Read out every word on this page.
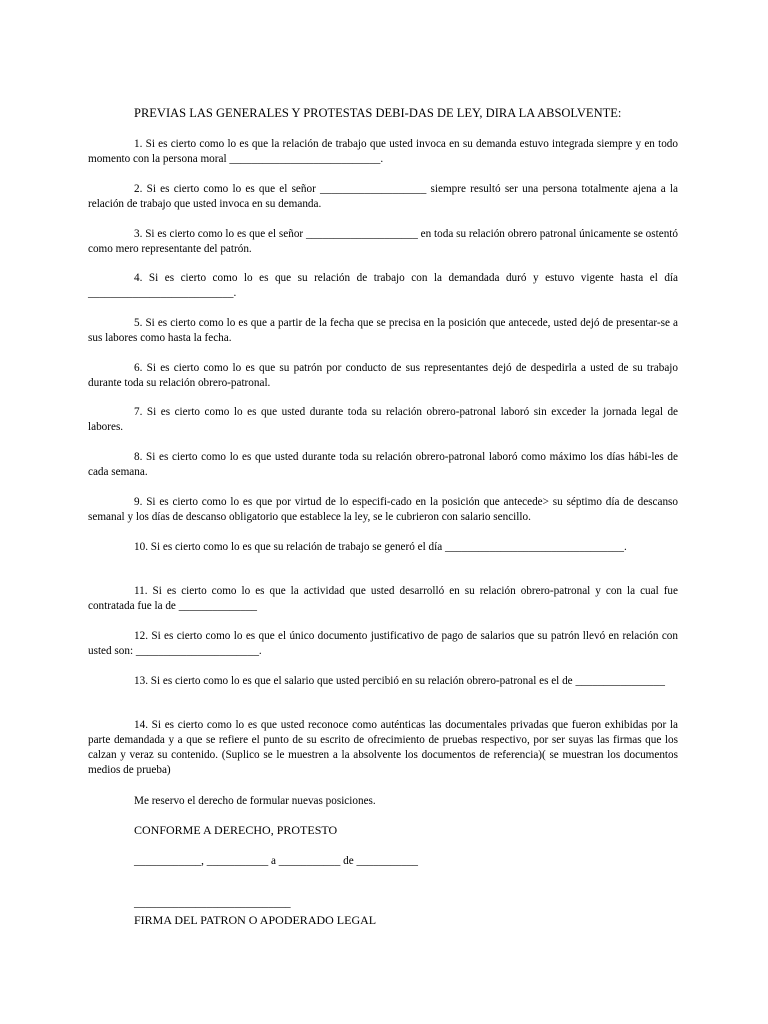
PREVIAS LAS GENERALES Y PROTESTAS DEBI-DAS DE LEY, DIRA LA ABSOLVENTE:

1. Si es cierto como lo es que la relación de trabajo que usted invoca en su demanda estuvo integrada siempre y en todo momento con la persona moral ___________________________.

2. Si es cierto como lo es que el señor ___________________ siempre resultó ser una persona totalmente ajena a la relación de trabajo que usted invoca en su demanda.

3. Si es cierto como lo es que el señor ____________________ en toda su relación obrero patronal únicamente se ostentó como mero representante del patrón.

4. Si es cierto como lo es que su relación de trabajo con la demandada duró y estuvo vigente hasta el día __________________________.

5. Si es cierto como lo es que a partir de la fecha que se precisa en la posición que antecede, usted dejó de presentar-se a sus labores como hasta la fecha.

6. Si es cierto como lo es que su patrón por conducto de sus representantes dejó de despedirla a usted de su trabajo durante toda su relación obrero-patronal.

7. Si es cierto como lo es que usted durante toda su relación obrero-patronal laboró sin exceder la jornada legal de labores.

8. Si es cierto como lo es que usted durante toda su relación obrero-patronal laboró como máximo los días hábi-les de cada semana.

9. Si es cierto como lo es que por virtud de lo especifi-cado en la posición que antecede> su séptimo día de descanso semanal y los días de descanso obligatorio que establece la ley, se le cubrieron con salario sencillo.

10. Si es cierto como lo es que su relación de trabajo se generó el día ________________________________.

11. Si es cierto como lo es que la actividad que usted desarrolló en su relación obrero-patronal y con la cual fue contratada fue la de ______________

12. Si es cierto como lo es que el único documento justificativo de pago de salarios que su patrón llevó en relación con usted son: ______________________.

13. Si es cierto como lo es que el salario que usted percibió en su relación obrero-patronal es el de ________________

14. Si es cierto como lo es que usted reconoce como auténticas las documentales privadas que fueron exhibidas por la parte demandada y a que se refiere el punto de su escrito de ofrecimiento de pruebas respectivo, por ser suyas las firmas que los calzan y veraz su contenido. (Suplico se le muestren a la absolvente los documentos de referencia)( se muestran los documentos medios de prueba)

Me reservo el derecho de formular nuevas posiciones.

CONFORME A DERECHO, PROTESTO

____________, ___________ a ___________ de ___________

____________________________

FIRMA DEL PATRON O APODERADO LEGAL
